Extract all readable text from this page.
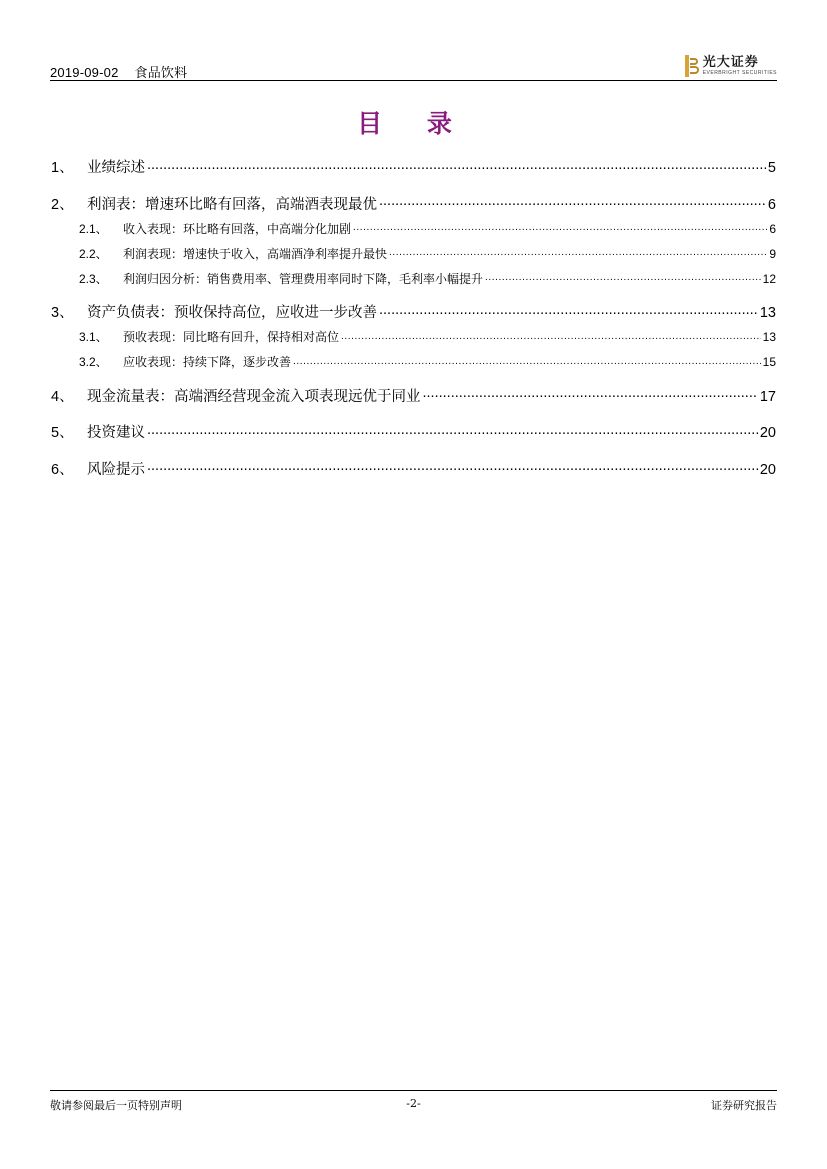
2019-09-02 食品饮料
光大证券
EVERBRIGHT SECURITIES
目 录
1、 业绩综述 .....	5
2、 利润表：增速环比略有回落，高端酒表现最优 .....	6
2.1、	收入表现：环比略有回落，中高端分化加剧 .....	6
2.2、	利润表现：增速快于收入，高端酒净利率提升最快 .....	9
2.3、	利润归因分析：销售费用率、管理费用率同时下降，毛利率小幅提升 .....	12
3、 资产负债表：预收保持高位，应收进一步改善 .....	13
3.1、	预收表现：同比略有回升，保持相对高位 .....	13
3.2、	应收表现：持续下降，逐步改善 .....	15
4、 现金流量表：高端酒经营现金流入项表现远优于同业 .....	17
5、 投资建议 .....	20
6、 风险提示 .....	20
敬请参阅最后一页特别声明	-2-	证券研究报告
